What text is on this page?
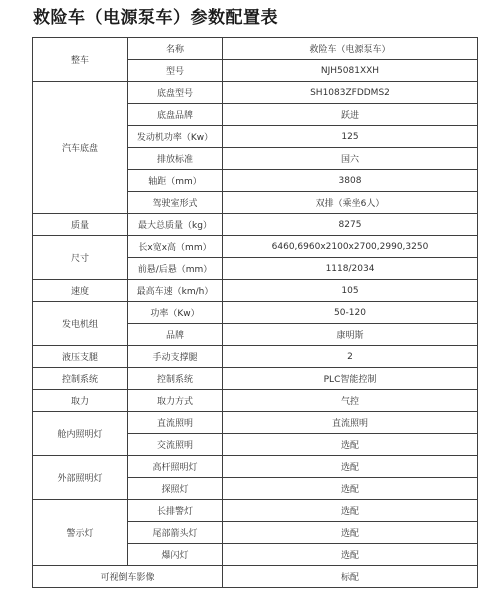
救险车（电源泵车）参数配置表
整车	名称	救险车（电源泵车）
	型号	NJH5081XXH
汽车底盘	底盘型号	SH1083ZFDDMS2
	底盘品牌	跃进
	发动机功率（Kw）	125
	排放标准	国六
	轴距（mm）	3808
	驾驶室形式	双排（乘坐6人）
质量	最大总质量（kg）	8275
尺寸	长x宽x高（mm）	6460,6960x2100x2700,2990,3250
	前悬/后悬（mm）	1118/2034
速度	最高车速（km/h）	105
发电机组	功率（Kw）	50-120
	品牌	康明斯
液压支腿	手动支撑腿	2
控制系统	控制系统	PLC智能控制
取力	取力方式	气控
舱内照明灯	直流照明	直流照明
	交流照明	选配
外部照明灯	高杆照明灯	选配
	探照灯	选配
警示灯	长排警灯	选配
	尾部箭头灯	选配
	爆闪灯	选配
可视倒车影像		标配
